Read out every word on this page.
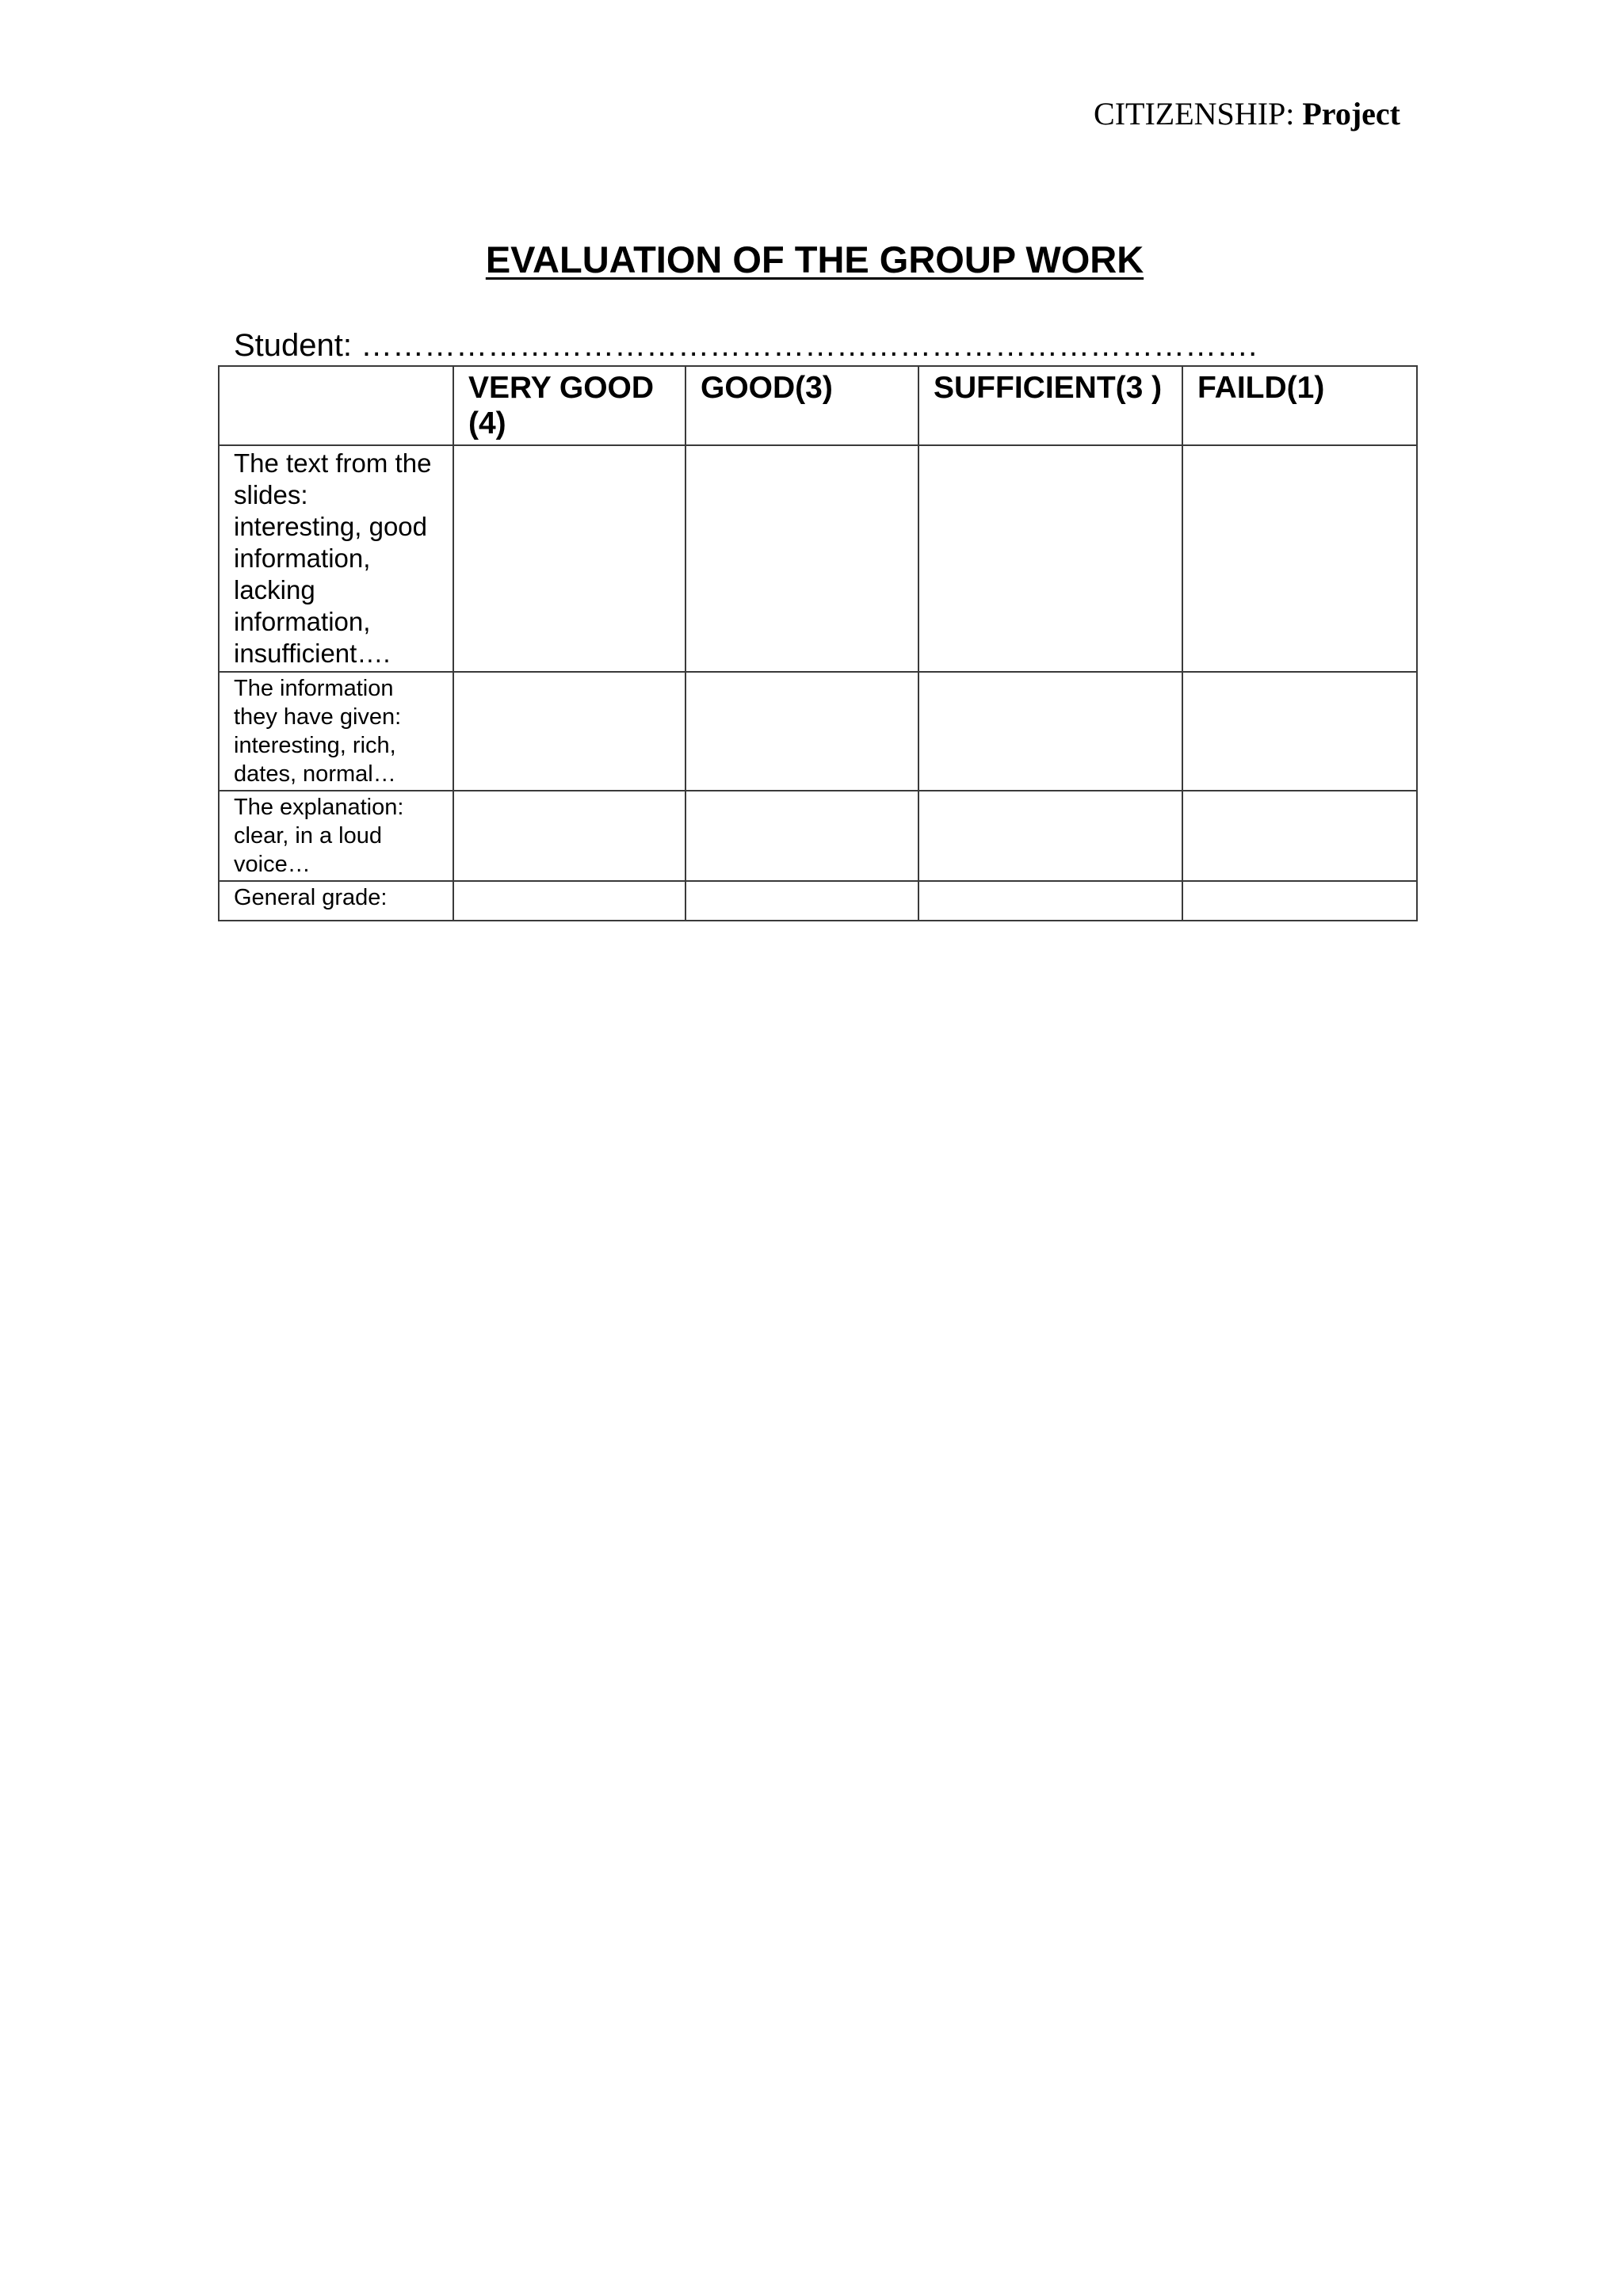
CITIZENSHIP: Project
EVALUATION OF THE GROUP WORK
Student: ………………………………………………………………………….
	VERY GOOD (4)	GOOD(3)	SUFFICIENT(3 )	FAILD(1)
The text from the slides: interesting, good information, lacking information, insufficient….				
The information they have given: interesting, rich, dates, normal…				
The explanation: clear, in a loud voice…				
General grade:				
